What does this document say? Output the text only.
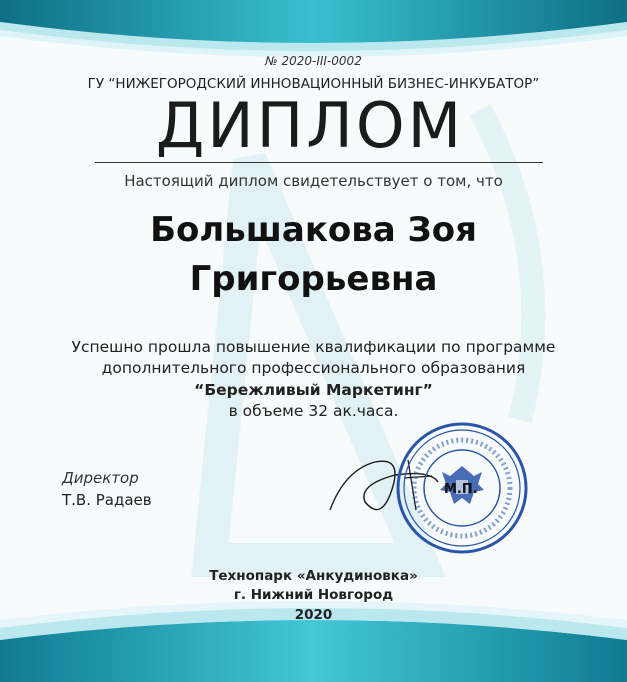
№ 2020-III-0002
ГУ “НИЖЕГОРОДСКИЙ ИННОВАЦИОННЫЙ БИЗНЕС-ИНКУБАТОР”
ДИПЛОМ
Настоящий диплом свидетельствует о том, что
Большакова Зоя
Григорьевна
Успешно прошла повышение квалификации по программе
дополнительного профессионального образования
“Бережливый Маркетинг”
в объеме 32 ак.часа.
Директор
Т.В. Радаев
М.П.
Технопарк «Анкудиновка»
г. Нижний Новгород
2020
